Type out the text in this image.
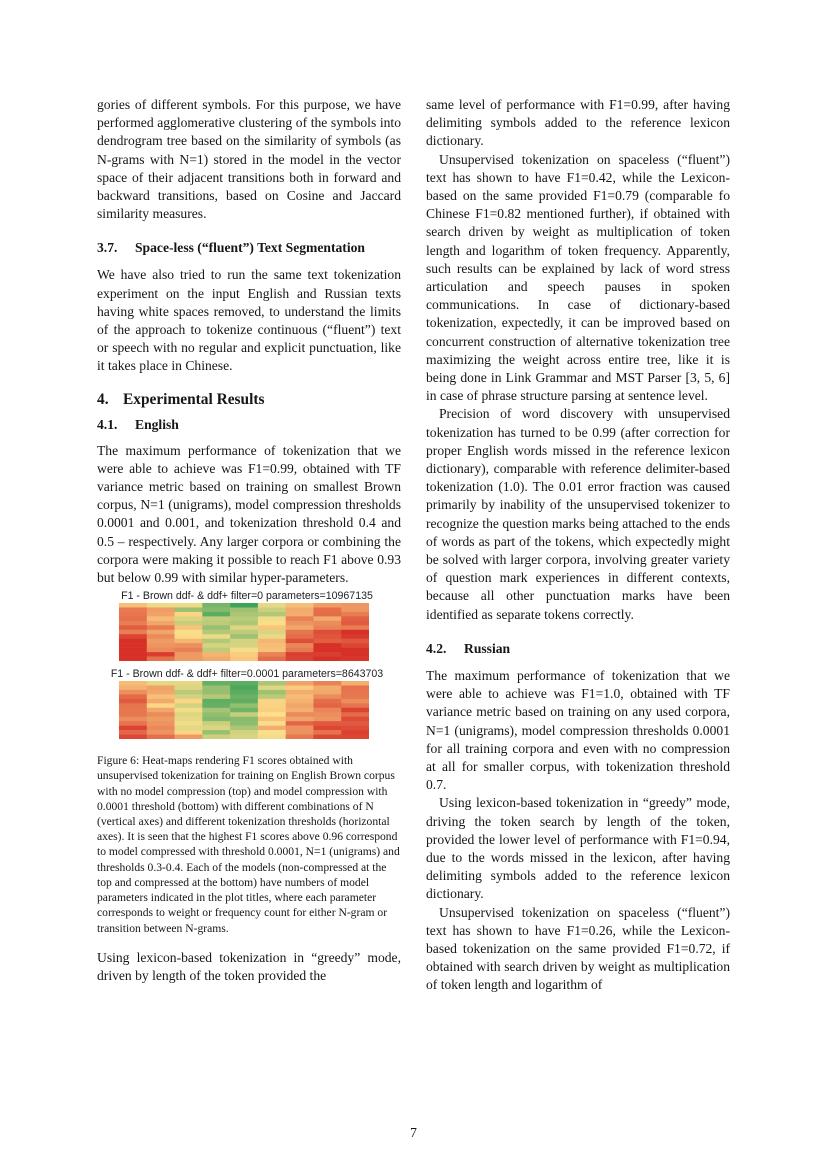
gories of different symbols. For this purpose, we have performed agglomerative clustering of the symbols into dendrogram tree based on the similarity of symbols (as N-grams with N=1) stored in the model in the vector space of their adjacent transitions both in forward and backward transitions, based on Cosine and Jaccard similarity measures.

3.7. Space-less (“fluent”) Text Segmentation

We have also tried to run the same text tokenization experiment on the input English and Russian texts having white spaces removed, to understand the limits of the approach to tokenize continuous (“fluent”) text or speech with no regular and explicit punctuation, like it takes place in Chinese.

4. Experimental Results
4.1. English

The maximum performance of tokenization that we were able to achieve was F1=0.99, obtained with TF variance metric based on training on smallest Brown corpus, N=1 (unigrams), model compression thresholds 0.0001 and 0.001, and tokenization threshold 0.4 and 0.5 – respectively. Any larger corpora or combining the corpora were making it possible to reach F1 above 0.93 but below 0.99 with similar hyper-parameters.

F1 - Brown ddf- & ddf+ filter=0 parameters=10967135
F1 - Brown ddf- & ddf+ filter=0.0001 parameters=8643703

Figure 6: Heat-maps rendering F1 scores obtained with unsupervised tokenization for training on English Brown corpus with no model compression (top) and model compression with 0.0001 threshold (bottom) with different combinations of N (vertical axes) and different tokenization thresholds (horizontal axes). It is seen that the highest F1 scores above 0.96 correspond to model compressed with threshold 0.0001, N=1 (unigrams) and thresholds 0.3-0.4. Each of the models (non-compressed at the top and compressed at the bottom) have numbers of model parameters indicated in the plot titles, where each parameter corresponds to weight or frequency count for either N-gram or transition between N-grams.

Using lexicon-based tokenization in “greedy” mode, driven by length of the token provided the

same level of performance with F1=0.99, after having delimiting symbols added to the reference lexicon dictionary.

Unsupervised tokenization on spaceless (“fluent”) text has shown to have F1=0.42, while the Lexicon-based on the same provided F1=0.79 (comparable fo Chinese F1=0.82 mentioned further), if obtained with search driven by weight as multiplication of token length and logarithm of token frequency. Apparently, such results can be explained by lack of word stress articulation and speech pauses in spoken communications. In case of dictionary-based tokenization, expectedly, it can be improved based on concurrent construction of alternative tokenization tree maximizing the weight across entire tree, like it is being done in Link Grammar and MST Parser [3, 5, 6] in case of phrase structure parsing at sentence level.

Precision of word discovery with unsupervised tokenization has turned to be 0.99 (after correction for proper English words missed in the reference lexicon dictionary), comparable with reference delimiter-based tokenization (1.0). The 0.01 error fraction was caused primarily by inability of the unsupervised tokenizer to recognize the question marks being attached to the ends of words as part of the tokens, which expectedly might be solved with larger corpora, involving greater variety of question mark experiences in different contexts, because all other punctuation marks have been identified as separate tokens correctly.

4.2. Russian

The maximum performance of tokenization that we were able to achieve was F1=1.0, obtained with TF variance metric based on training on any used corpora, N=1 (unigrams), model compression thresholds 0.0001 for all training corpora and even with no compression at all for smaller corpus, with tokenization threshold 0.7.

Using lexicon-based tokenization in “greedy” mode, driving the token search by length of the token, provided the lower level of performance with F1=0.94, due to the words missed in the lexicon, after having delimiting symbols added to the reference lexicon dictionary.

Unsupervised tokenization on spaceless (“fluent”) text has shown to have F1=0.26, while the Lexicon-based tokenization on the same provided F1=0.72, if obtained with search driven by weight as multiplication of token length and logarithm of

7
